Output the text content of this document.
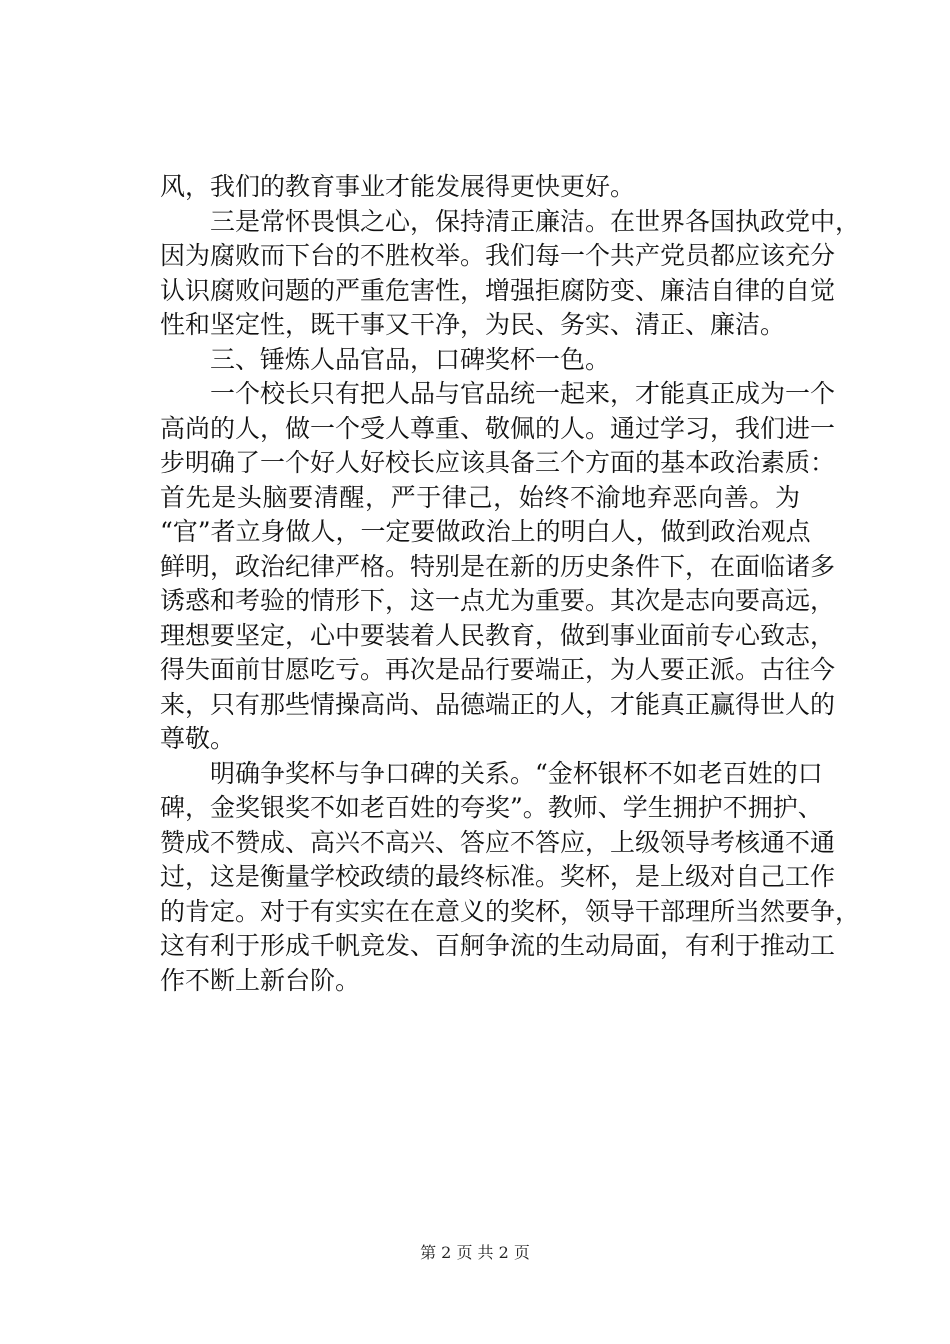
风，我们的教育事业才能发展得更快更好。
　　三是常怀畏惧之心，保持清正廉洁。在世界各国执政党中，
因为腐败而下台的不胜枚举。我们每一个共产党员都应该充分
认识腐败问题的严重危害性，增强拒腐防变、廉洁自律的自觉
性和坚定性，既干事又干净，为民、务实、清正、廉洁。
　　三、锤炼人品官品，口碑奖杯一色。
　　一个校长只有把人品与官品统一起来，才能真正成为一个
高尚的人，做一个受人尊重、敬佩的人。通过学习，我们进一
步明确了一个好人好校长应该具备三个方面的基本政治素质：
首先是头脑要清醒，严于律己，始终不渝地弃恶向善。为
“官”者立身做人，一定要做政治上的明白人，做到政治观点
鲜明，政治纪律严格。特别是在新的历史条件下，在面临诸多
诱惑和考验的情形下，这一点尤为重要。其次是志向要高远，
理想要坚定，心中要装着人民教育，做到事业面前专心致志，
得失面前甘愿吃亏。再次是品行要端正，为人要正派。古往今
来，只有那些情操高尚、品德端正的人，才能真正赢得世人的
尊敬。
　　明确争奖杯与争口碑的关系。“金杯银杯不如老百姓的口
碑，金奖银奖不如老百姓的夸奖”。教师、学生拥护不拥护、
赞成不赞成、高兴不高兴、答应不答应，上级领导考核通不通
过，这是衡量学校政绩的最终标准。奖杯，是上级对自己工作
的肯定。对于有实实在在意义的奖杯，领导干部理所当然要争，
这有利于形成千帆竞发、百舸争流的生动局面，有利于推动工
作不断上新台阶。
第 2 页 共 2 页
